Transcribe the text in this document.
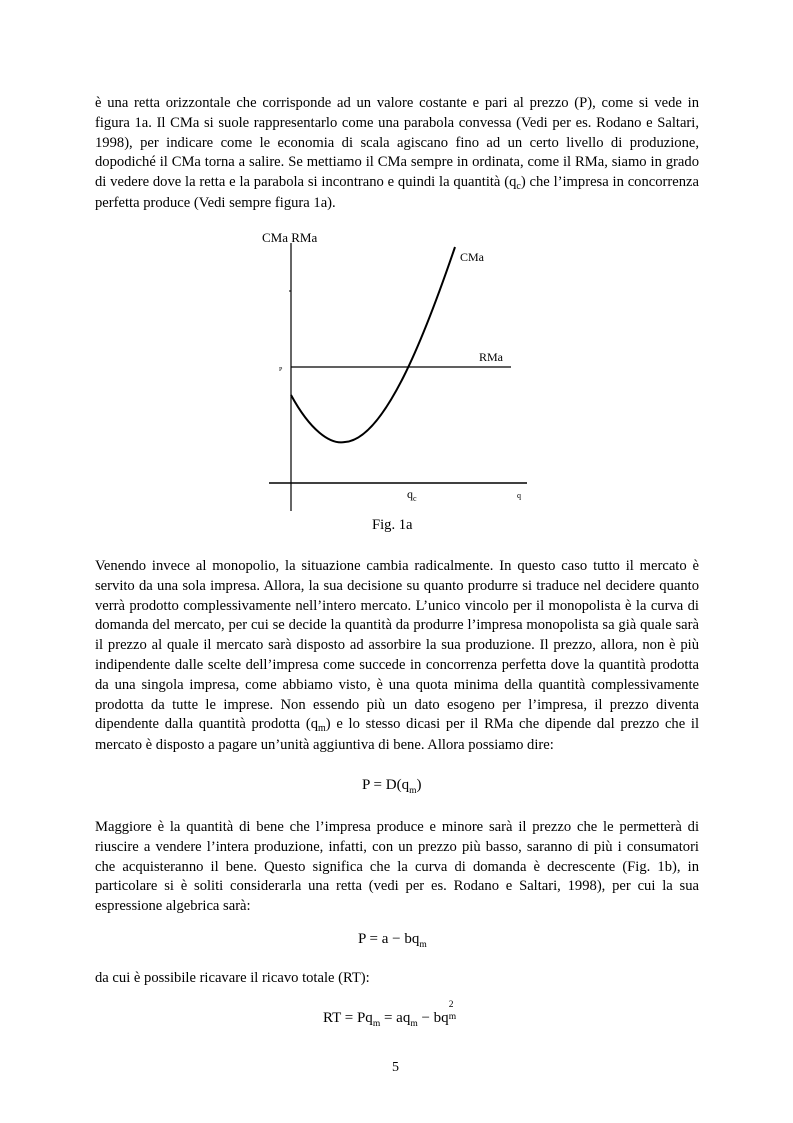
è una retta orizzontale che corrisponde ad un valore costante e pari al prezzo (P), come si vede in figura 1a. Il CMa si suole rappresentarlo come una parabola convessa (Vedi per es. Rodano e Saltari, 1998), per indicare come le economia di scala agiscano fino ad un certo livello di produzione, dopodiché il CMa torna a salire. Se mettiamo il CMa sempre in ordinata, come il RMa, siamo in grado di vedere dove la retta e la parabola si incontrano e quindi la quantità $(q_c)$ che l’impresa in concorrenza perfetta produce (Vedi sempre figura 1a).

CMa RMa
CMa
RMa
P
$q_c$	q
Fig. 1a

Venendo invece al monopolio, la situazione cambia radicalmente. In questo caso tutto il mercato è servito da una sola impresa. Allora, la sua decisione su quanto produrre si traduce nel decidere quanto verrà prodotto complessivamente nell’intero mercato. L’unico vincolo per il monopolista è la curva di domanda del mercato, per cui se decide la quantità da produrre l’impresa monopolista sa già quale sarà il prezzo al quale il mercato sarà disposto ad assorbire la sua produzione. Il prezzo, allora, non è più indipendente dalle scelte dell’impresa come succede in concorrenza perfetta dove la quantità prodotta da una singola impresa, come abbiamo visto, è una quota minima della quantità complessivamente prodotta da tutte le imprese. Non essendo più un dato esogeno per l’impresa, il prezzo diventa dipendente dalla quantità prodotta $(q_m)$ e lo stesso dicasi per il RMa che dipende dal prezzo che il mercato è disposto a pagare un’unità aggiuntiva di bene. Allora possiamo dire:

$P = D(q_m)$

Maggiore è la quantità di bene che l’impresa produce e minore sarà il prezzo che le permetterà di riuscire a vendere l’intera produzione, infatti, con un prezzo più basso, saranno di più i consumatori che acquisteranno il bene. Questo significa che la curva di domanda è decrescente (Fig. 1b), in particolare si è soliti considerarla una retta (vedi per es. Rodano e Saltari, 1998), per cui la sua espressione algebrica sarà:

$P = a - bq_m$

da cui è possibile ricavare il ricavo totale (RT):

RT = $Pq_m = aq_m$ − bq
2
m
5
